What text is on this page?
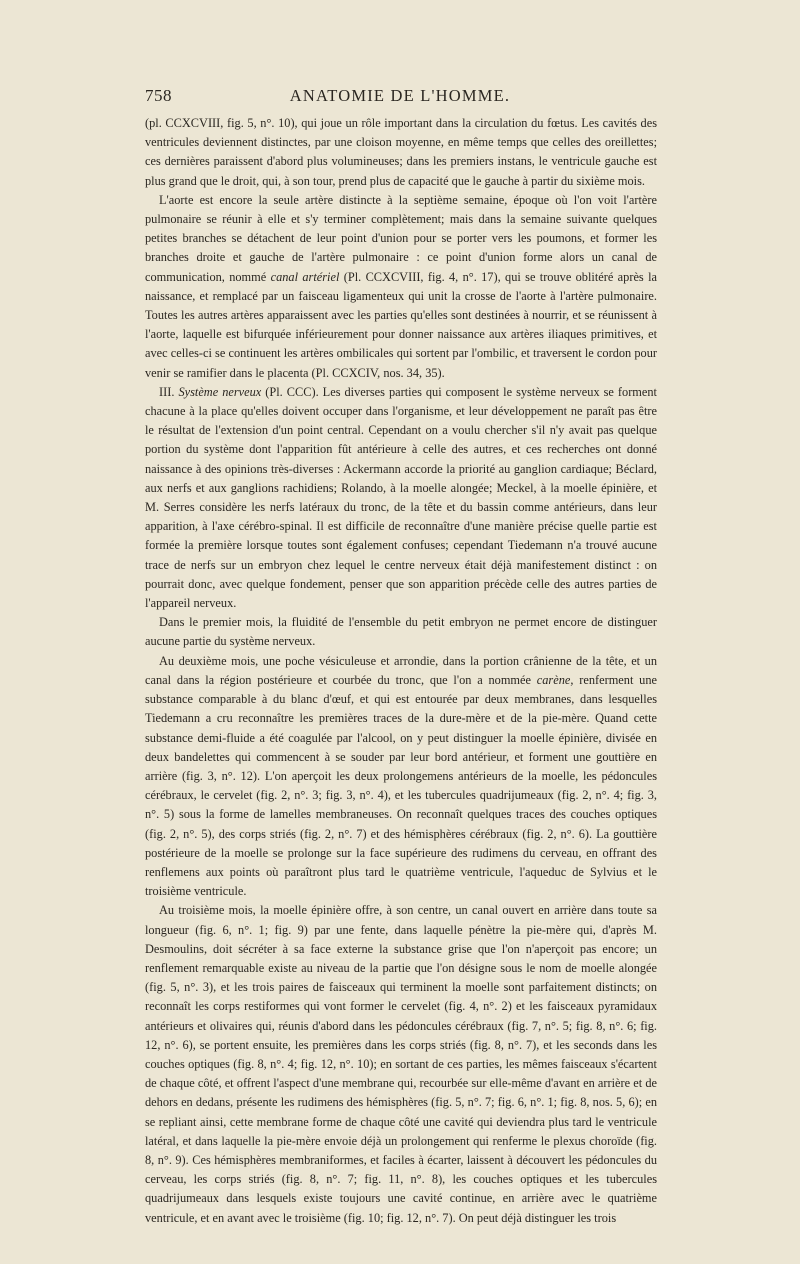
758	ANATOMIE DE L'HOMME.

(pl. CCXCVIII, fig. 5, n°. 10), qui joue un rôle important dans la circulation du fœtus. Les cavités des ventricules deviennent distinctes, par une cloison moyenne, en même temps que celles des oreillettes; ces dernières paraissent d'abord plus volumineuses; dans les premiers instans, le ventricule gauche est plus grand que le droit, qui, à son tour, prend plus de capacité que le gauche à partir du sixième mois.

L'aorte est encore la seule artère distincte à la septième semaine, époque où l'on voit l'artère pulmonaire se réunir à elle et s'y terminer complètement; mais dans la semaine suivante quelques petites branches se détachent de leur point d'union pour se porter vers les poumons, et former les branches droite et gauche de l'artère pulmonaire : ce point d'union forme alors un canal de communication, nommé canal artériel (Pl. CCXCVIII, fig. 4, n°. 17), qui se trouve oblitéré après la naissance, et remplacé par un faisceau ligamenteux qui unit la crosse de l'aorte à l'artère pulmonaire. Toutes les autres artères apparaissent avec les parties qu'elles sont destinées à nourrir, et se réunissent à l'aorte, laquelle est bifurquée inférieurement pour donner naissance aux artères iliaques primitives, et avec celles-ci se continuent les artères ombilicales qui sortent par l'ombilic, et traversent le cordon pour venir se ramifier dans le placenta (Pl. CCXCIV, nos. 34, 35).

III. Système nerveux (Pl. CCC). Les diverses parties qui composent le système nerveux se forment chacune à la place qu'elles doivent occuper dans l'organisme, et leur développement ne paraît pas être le résultat de l'extension d'un point central. Cependant on a voulu chercher s'il n'y avait pas quelque portion du système dont l'apparition fût antérieure à celle des autres, et ces recherches ont donné naissance à des opinions très-diverses : Ackermann accorde la priorité au ganglion cardiaque; Béclard, aux nerfs et aux ganglions rachidiens; Rolando, à la moelle alongée; Meckel, à la moelle épinière, et M. Serres considère les nerfs latéraux du tronc, de la tête et du bassin comme antérieurs, dans leur apparition, à l'axe cérébro-spinal. Il est difficile de reconnaître d'une manière précise quelle partie est formée la première lorsque toutes sont également confuses; cependant Tiedemann n'a trouvé aucune trace de nerfs sur un embryon chez lequel le centre nerveux était déjà manifestement distinct : on pourrait donc, avec quelque fondement, penser que son apparition précède celle des autres parties de l'appareil nerveux.

Dans le premier mois, la fluidité de l'ensemble du petit embryon ne permet encore de distinguer aucune partie du système nerveux.

Au deuxième mois, une poche vésiculeuse et arrondie, dans la portion crânienne de la tête, et un canal dans la région postérieure et courbée du tronc, que l'on a nommée carène, renferment une substance comparable à du blanc d'œuf, et qui est entourée par deux membranes, dans lesquelles Tiedemann a cru reconnaître les premières traces de la dure-mère et de la pie-mère. Quand cette substance demi-fluide a été coagulée par l'alcool, on y peut distinguer la moelle épinière, divisée en deux bandelettes qui commencent à se souder par leur bord antérieur, et forment une gouttière en arrière (fig. 3, n°. 12). L'on aperçoit les deux prolongemens antérieurs de la moelle, les pédoncules cérébraux, le cervelet (fig. 2, n°. 3; fig. 3, n°. 4), et les tubercules quadrijumeaux (fig. 2, n°. 4; fig. 3, n°. 5) sous la forme de lamelles membraneuses. On reconnaît quelques traces des couches optiques (fig. 2, n°. 5), des corps striés (fig. 2, n°. 7) et des hémisphères cérébraux (fig. 2, n°. 6). La gouttière postérieure de la moelle se prolonge sur la face supérieure des rudimens du cerveau, en offrant des renflemens aux points où paraîtront plus tard le quatrième ventricule, l'aqueduc de Sylvius et le troisième ventricule.

Au troisième mois, la moelle épinière offre, à son centre, un canal ouvert en arrière dans toute sa longueur (fig. 6, n°. 1; fig. 9) par une fente, dans laquelle pénètre la pie-mère qui, d'après M. Desmoulins, doit sécréter à sa face externe la substance grise que l'on n'aperçoit pas encore; un renflement remarquable existe au niveau de la partie que l'on désigne sous le nom de moelle alongée (fig. 5, n°. 3), et les trois paires de faisceaux qui terminent la moelle sont parfaitement distincts; on reconnaît les corps restiformes qui vont former le cervelet (fig. 4, n°. 2) et les faisceaux pyramidaux antérieurs et olivaires qui, réunis d'abord dans les pédoncules cérébraux (fig. 7, n°. 5; fig. 8, n°. 6; fig. 12, n°. 6), se portent ensuite, les premières dans les corps striés (fig. 8, n°. 7), et les seconds dans les couches optiques (fig. 8, n°. 4; fig. 12, n°. 10); en sortant de ces parties, les mêmes faisceaux s'écartent de chaque côté, et offrent l'aspect d'une membrane qui, recourbée sur elle-même d'avant en arrière et de dehors en dedans, présente les rudimens des hémisphères (fig. 5, n°. 7; fig. 6, n°. 1; fig. 8, nos. 5, 6); en se repliant ainsi, cette membrane forme de chaque côté une cavité qui deviendra plus tard le ventricule latéral, et dans laquelle la pie-mère envoie déjà un prolongement qui renferme le plexus choroïde (fig. 8, n°. 9). Ces hémisphères membraniformes, et faciles à écarter, laissent à découvert les pédoncules du cerveau, les corps striés (fig. 8, n°. 7; fig. 11, n°. 8), les couches optiques et les tubercules quadrijumeaux dans lesquels existe toujours une cavité continue, en arrière avec le quatrième ventricule, et en avant avec le troisième (fig. 10; fig. 12, n°. 7). On peut déjà distinguer les trois
